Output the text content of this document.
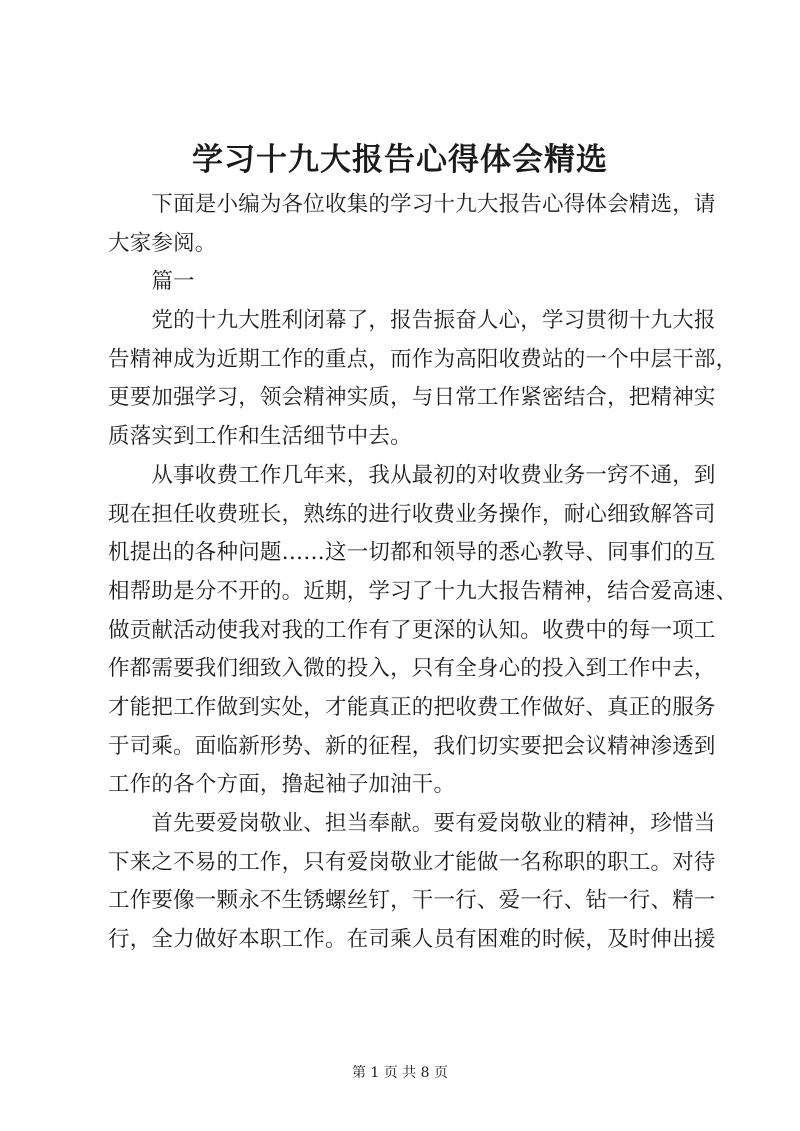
学习十九大报告心得体会精选
　　下面是小编为各位收集的学习十九大报告心得体会精选，请
大家参阅。
　　篇一
　　党的十九大胜利闭幕了，报告振奋人心，学习贯彻十九大报
告精神成为近期工作的重点，而作为高阳收费站的一个中层干部，
更要加强学习，领会精神实质，与日常工作紧密结合，把精神实
质落实到工作和生活细节中去。
　　从事收费工作几年来，我从最初的对收费业务一窍不通，到
现在担任收费班长，熟练的进行收费业务操作，耐心细致解答司
机提出的各种问题……这一切都和领导的悉心教导、同事们的互
相帮助是分不开的。近期，学习了十九大报告精神，结合爱高速、
做贡献活动使我对我的工作有了更深的认知。收费中的每一项工
作都需要我们细致入微的投入，只有全身心的投入到工作中去，
才能把工作做到实处，才能真正的把收费工作做好、真正的服务
于司乘。面临新形势、新的征程，我们切实要把会议精神渗透到
工作的各个方面，撸起袖子加油干。
　　首先要爱岗敬业、担当奉献。要有爱岗敬业的精神，珍惜当
下来之不易的工作，只有爱岗敬业才能做一名称职的职工。对待
工作要像一颗永不生锈螺丝钉，干一行、爱一行、钻一行、精一
行，全力做好本职工作。在司乘人员有困难的时候，及时伸出援
第 1 页 共 8 页
